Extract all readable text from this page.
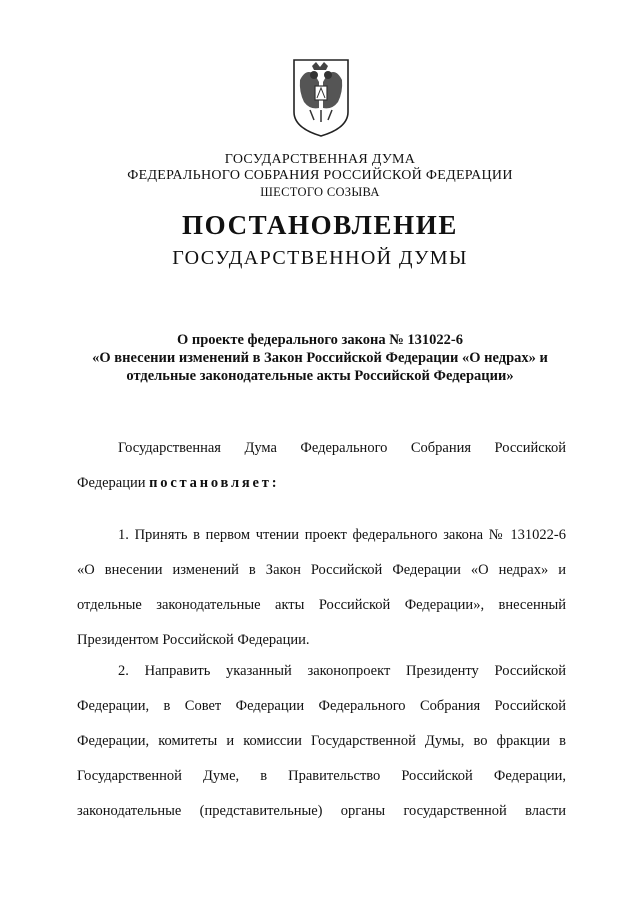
ГОСУДАРСТВЕННАЯ ДУМА
ФЕДЕРАЛЬНОГО СОБРАНИЯ РОССИЙСКОЙ ФЕДЕРАЦИИ
ШЕСТОГО СОЗЫВА
ПОСТАНОВЛЕНИЕ
ГОСУДАРСТВЕННОЙ ДУМЫ
О проекте федерального закона № 131022-6
«О внесении изменений в Закон Российской Федерации «О недрах» и
отдельные законодательные акты Российской Федерации»
Государственная Дума Федерального Собрания Российской
Федерации постановляет:
1. Принять в первом чтении проект федерального закона № 131022-6
«О внесении изменений в Закон Российской Федерации «О недрах» и
отдельные законодательные акты Российской Федерации», внесенный
Президентом Российской Федерации.
2. Направить указанный законопроект Президенту Российской
Федерации, в Совет Федерации Федерального Собрания Российской
Федерации, комитеты и комиссии Государственной Думы, во фракции в
Государственной Думе, в Правительство Российской Федерации,
законодательные (представительные) органы государственной власти
